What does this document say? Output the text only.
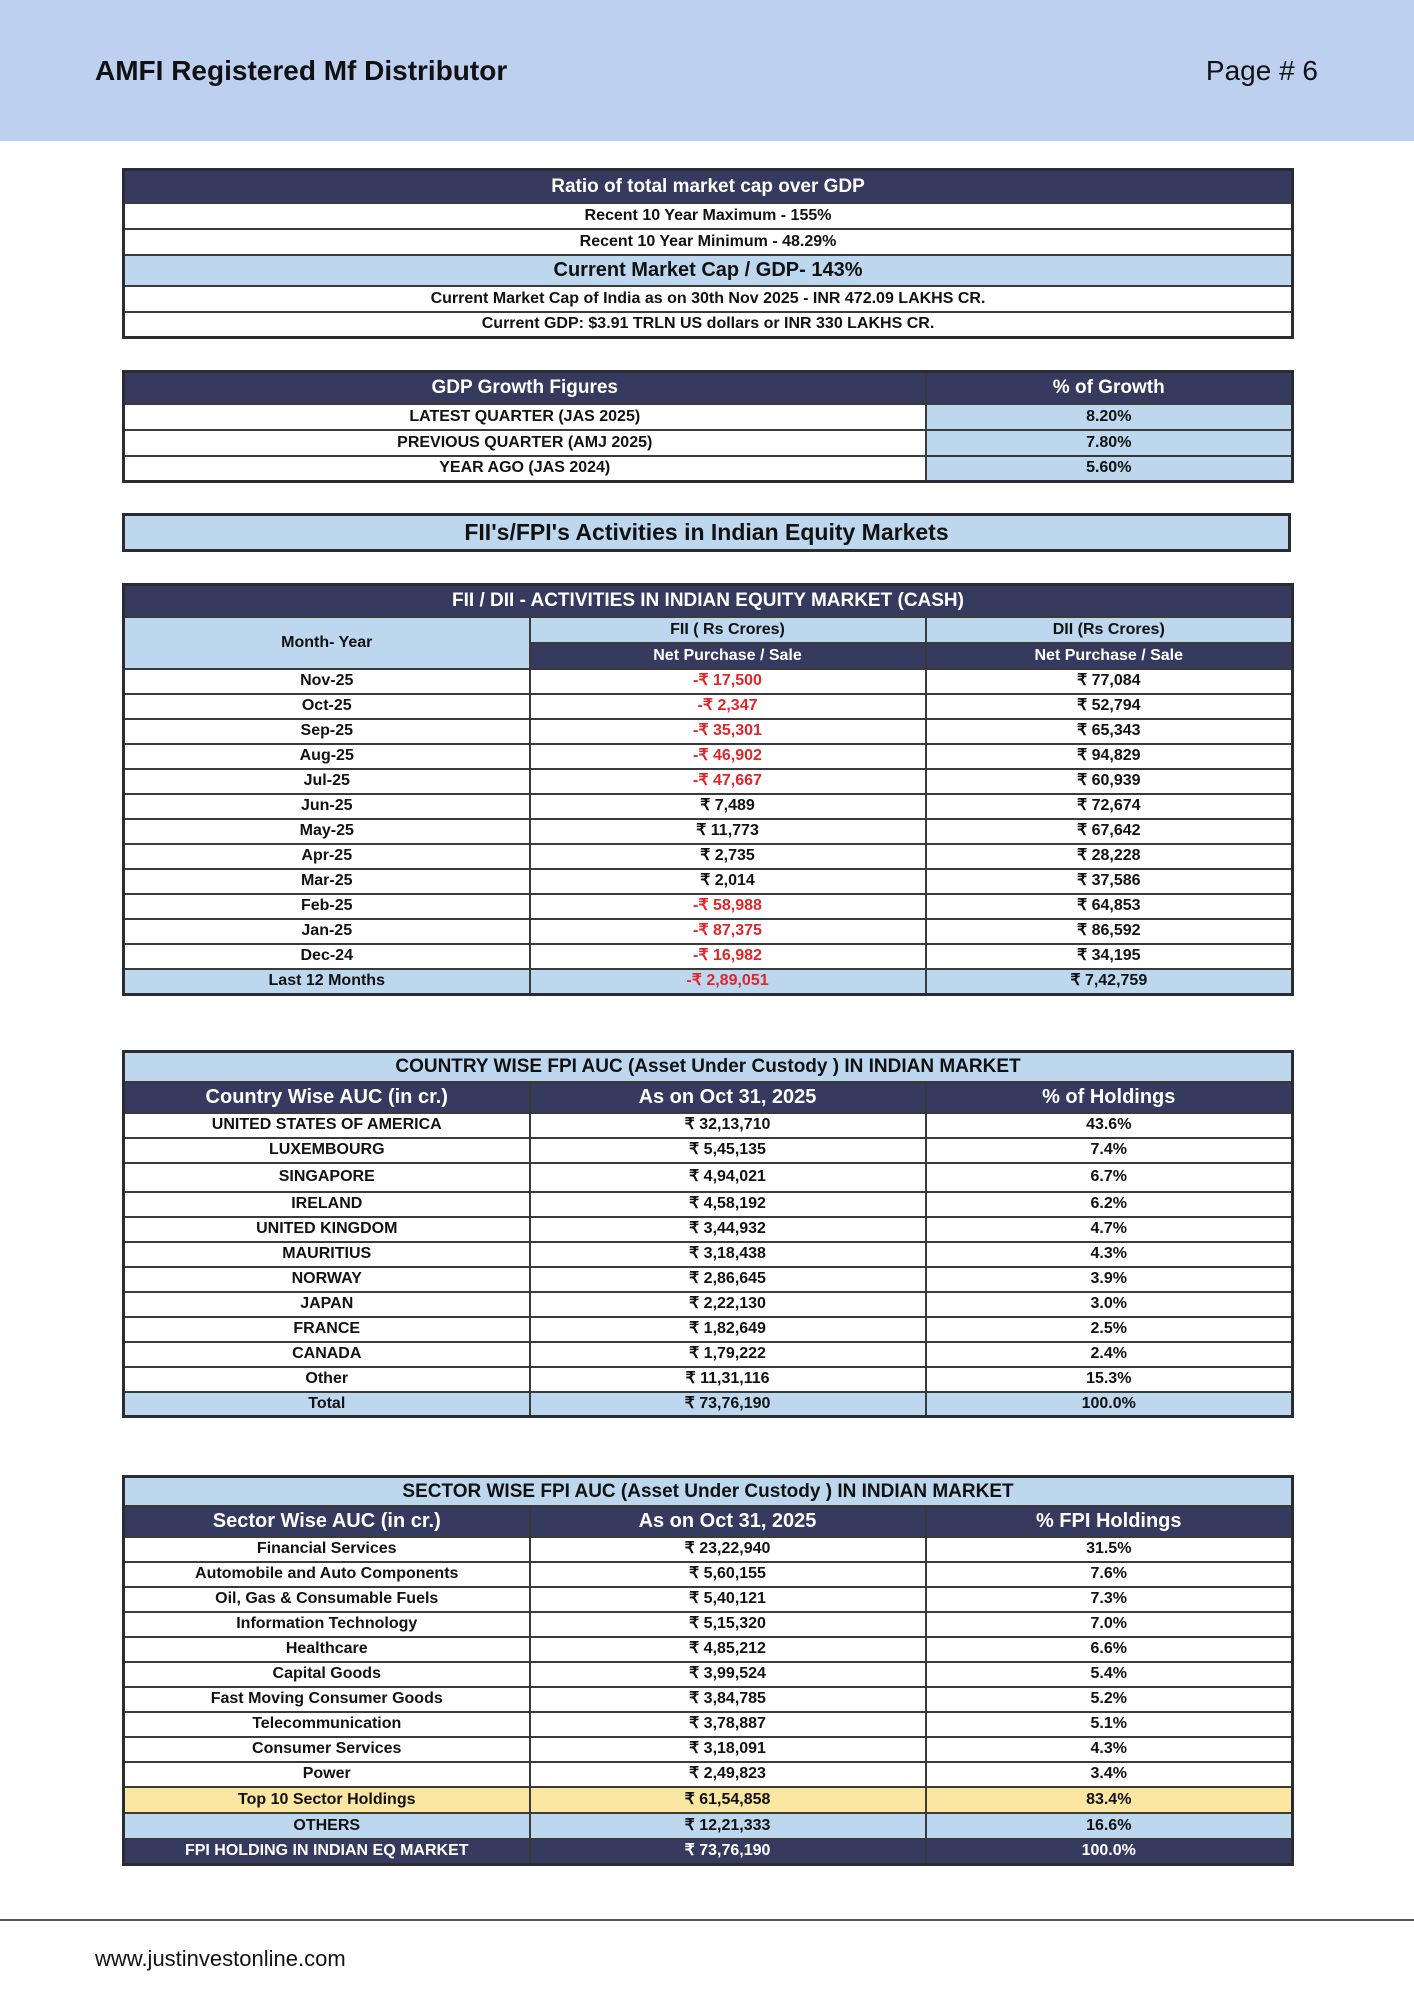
AMFI Registered Mf Distributor	Page # 6
Ratio of total market cap over GDP
Recent 10 Year Maximum - 155%
Recent 10 Year Minimum - 48.29%
Current Market Cap / GDP- 143%
Current Market Cap of India as on 30th Nov 2025 - INR 472.09 LAKHS CR.
Current GDP: $3.91 TRLN US dollars or INR 330 LAKHS CR.
GDP Growth Figures	% of Growth
LATEST QUARTER (JAS 2025)	8.20%
PREVIOUS QUARTER (AMJ 2025)	7.80%
YEAR AGO (JAS 2024)	5.60%
FII's/FPI's Activities in Indian Equity Markets
FII / DII - ACTIVITIES IN INDIAN EQUITY MARKET (CASH)		
Month- Year	FII ( Rs Crores)	DII (Rs Crores)
	Net Purchase / Sale	Net Purchase / Sale
Nov-25	-₹ 17,500	₹ 77,084
Oct-25	-₹ 2,347	₹ 52,794
Sep-25	-₹ 35,301	₹ 65,343
Aug-25	-₹ 46,902	₹ 94,829
Jul-25	-₹ 47,667	₹ 60,939
Jun-25	₹ 7,489	₹ 72,674
May-25	₹ 11,773	₹ 67,642
Apr-25	₹ 2,735	₹ 28,228
Mar-25	₹ 2,014	₹ 37,586
Feb-25	-₹ 58,988	₹ 64,853
Jan-25	-₹ 87,375	₹ 86,592
Dec-24	-₹ 16,982	₹ 34,195
Last 12 Months	-₹ 2,89,051	₹ 7,42,759
COUNTRY WISE FPI AUC (Asset Under Custody ) IN INDIAN MARKET		
Country Wise AUC (in cr.)	As on Oct 31, 2025	% of Holdings
UNITED STATES OF AMERICA	₹ 32,13,710	43.6%
LUXEMBOURG	₹ 5,45,135	7.4%
SINGAPORE	₹ 4,94,021	6.7%
IRELAND	₹ 4,58,192	6.2%
UNITED KINGDOM	₹ 3,44,932	4.7%
MAURITIUS	₹ 3,18,438	4.3%
NORWAY	₹ 2,86,645	3.9%
JAPAN	₹ 2,22,130	3.0%
FRANCE	₹ 1,82,649	2.5%
CANADA	₹ 1,79,222	2.4%
Other	₹ 11,31,116	15.3%
Total	₹ 73,76,190	100.0%
SECTOR WISE FPI AUC (Asset Under Custody ) IN INDIAN MARKET		
Sector Wise AUC (in cr.)	As on Oct 31, 2025	% FPI Holdings
Financial Services	₹ 23,22,940	31.5%
Automobile and Auto Components	₹ 5,60,155	7.6%
Oil, Gas & Consumable Fuels	₹ 5,40,121	7.3%
Information Technology	₹ 5,15,320	7.0%
Healthcare	₹ 4,85,212	6.6%
Capital Goods	₹ 3,99,524	5.4%
Fast Moving Consumer Goods	₹ 3,84,785	5.2%
Telecommunication	₹ 3,78,887	5.1%
Consumer Services	₹ 3,18,091	4.3%
Power	₹ 2,49,823	3.4%
Top 10 Sector Holdings	₹ 61,54,858	83.4%
OTHERS	₹ 12,21,333	16.6%
FPI HOLDING IN INDIAN EQ MARKET	₹ 73,76,190	100.0%
www.justinvestonline.com
